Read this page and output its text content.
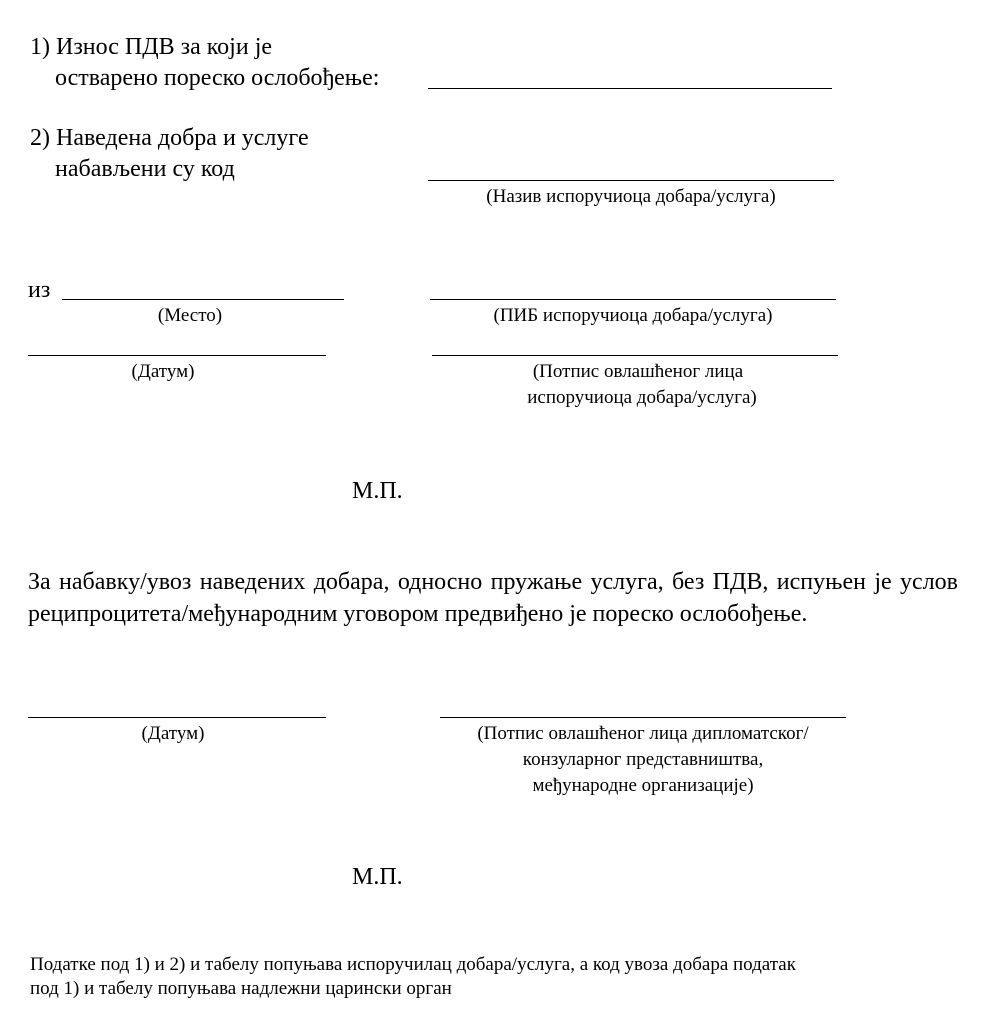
1) Износ ПДВ за који је
остварено пореско ослобођење:
2) Наведена добра и услуге
набављени су код
(Назив испоручиоца добара/услуга)
из
(Место)	(ПИБ испоручиоца добара/услуга)
(Датум)	(Потпис овлашћеног лица
испоручиоца добара/услуга)
М.П.
За набавку/увоз наведених добара, односно пружање услуга, без ПДВ, испуњен је услов реципроцитета/међународним уговором предвиђено је пореско ослобођење.
(Датум)	(Потпис овлашћеног лица дипломатског/
конзуларног представништва,
међународне организације)
М.П.
Податке под 1) и 2) и табелу попуњава испоручилац добара/услуга, а код увоза добара податак
под 1) и табелу попуњава надлежни царински орган
